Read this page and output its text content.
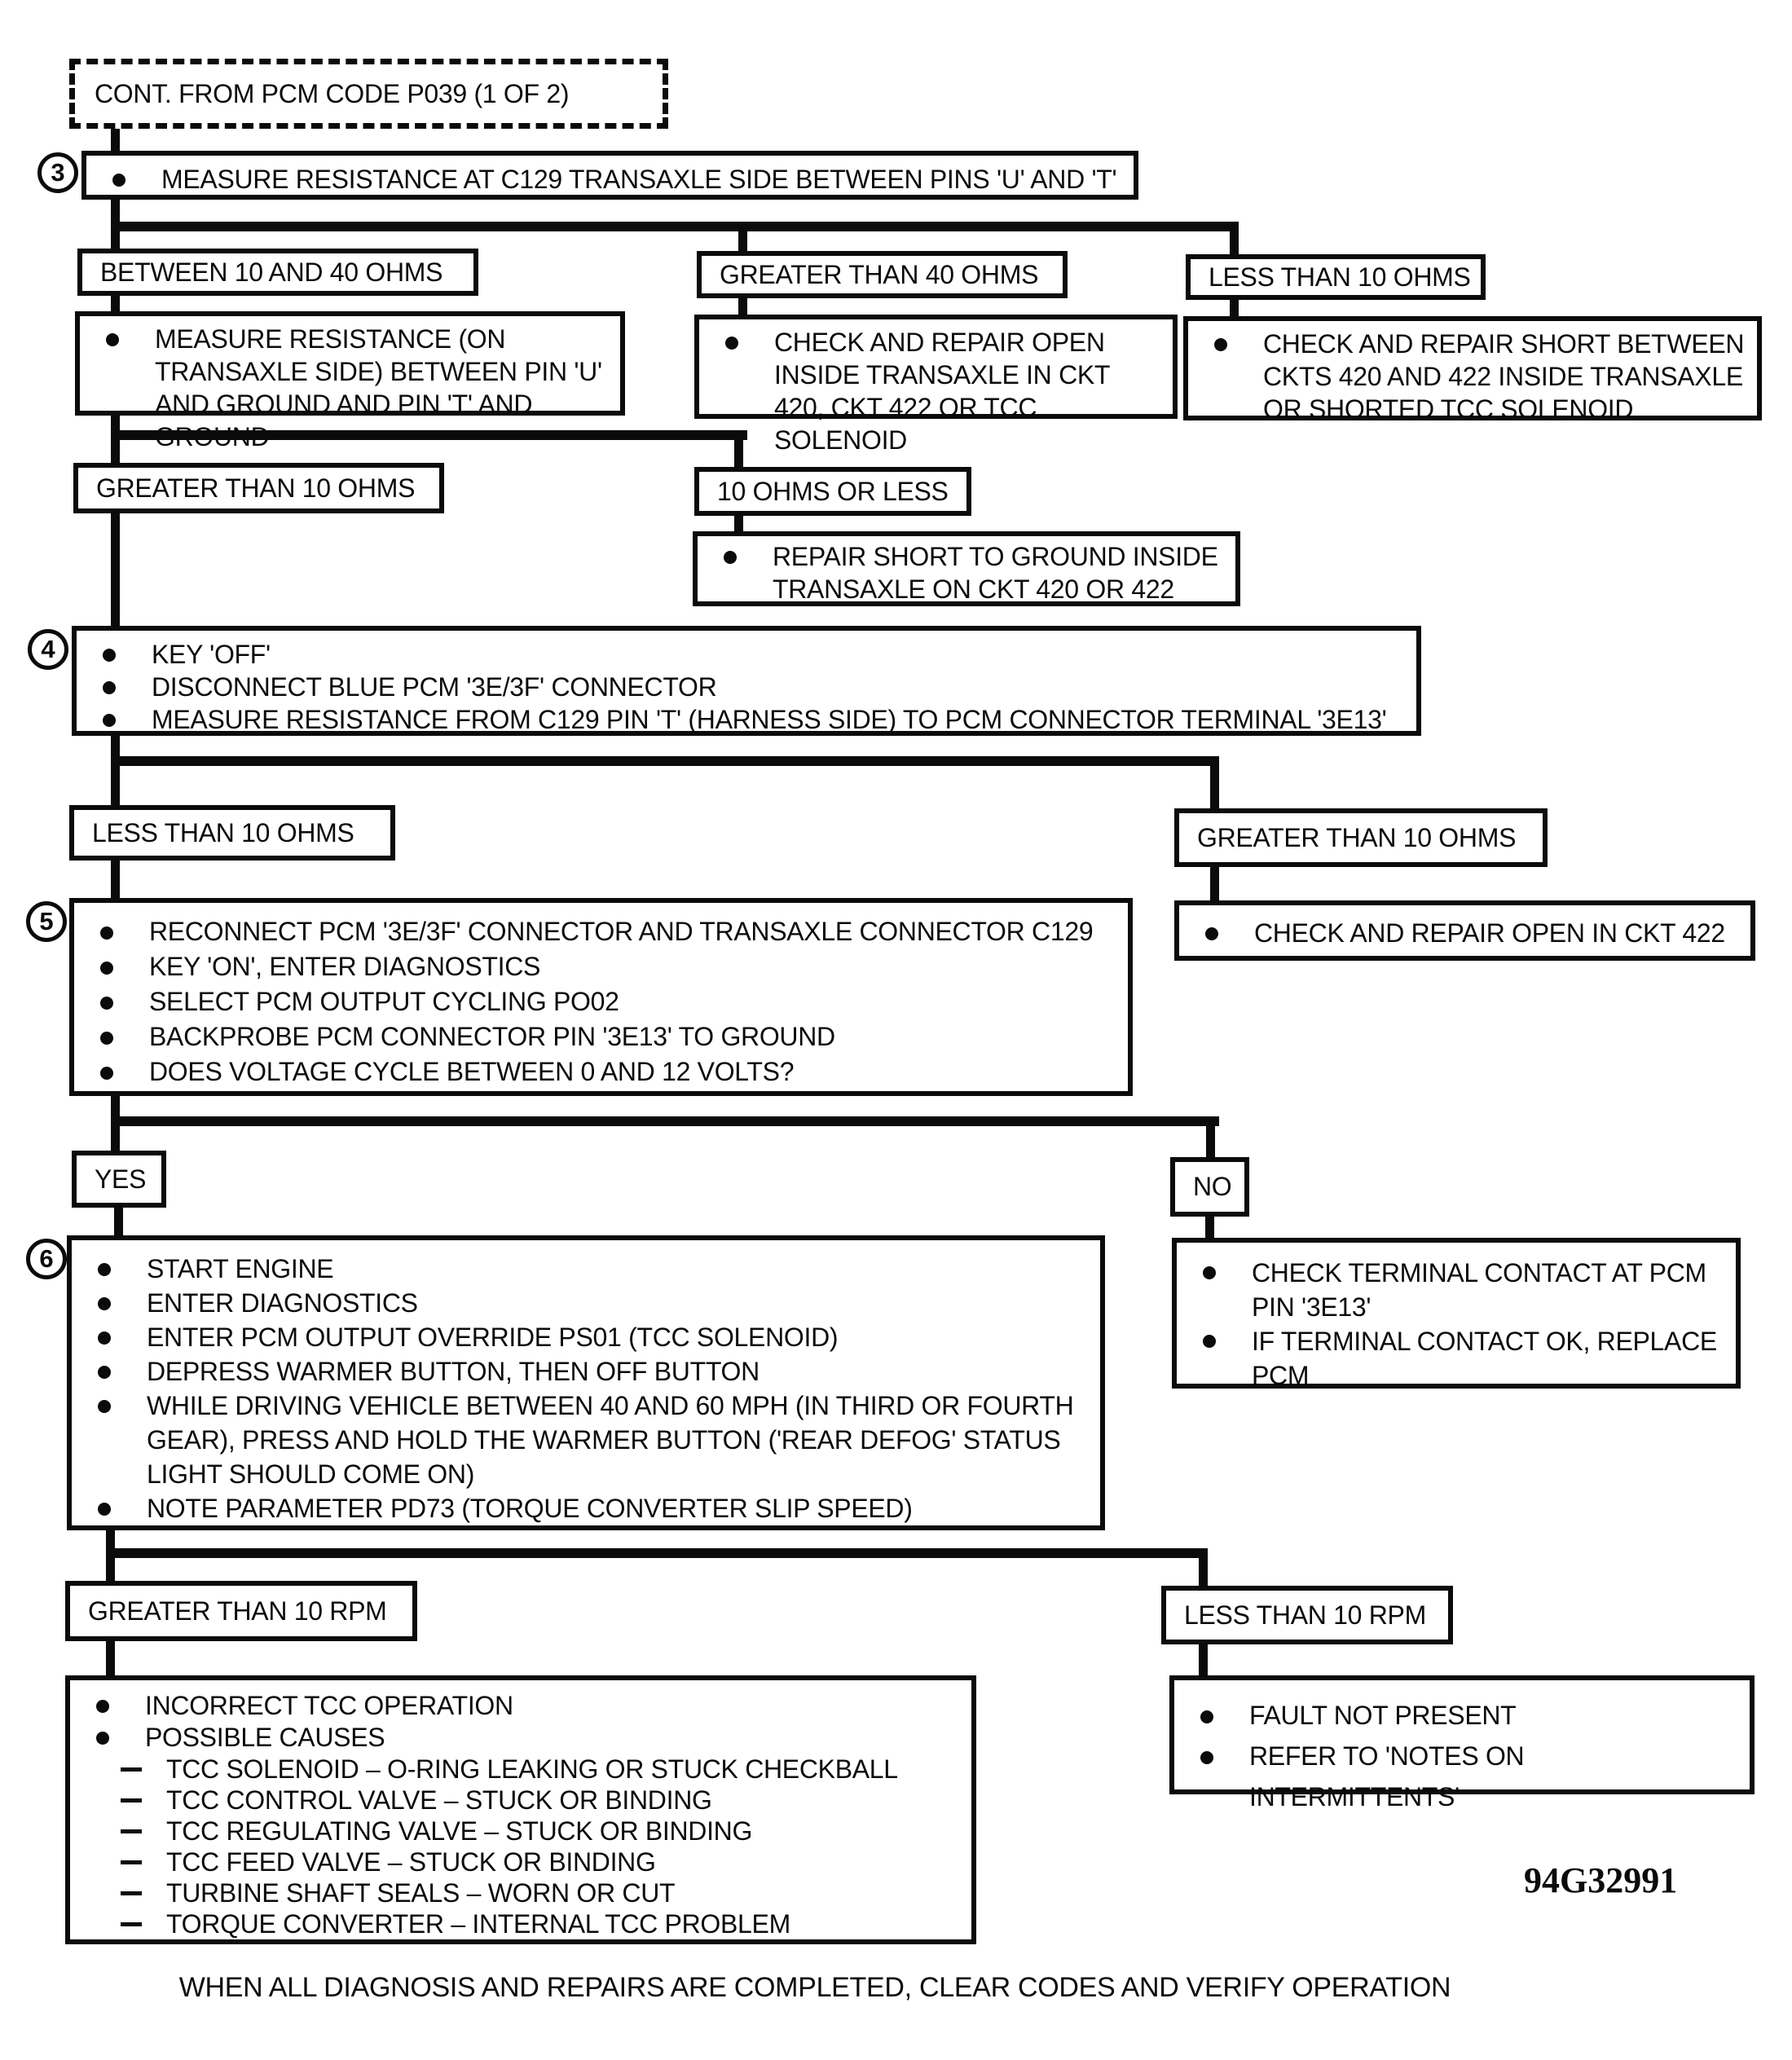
CONT. FROM PCM CODE P039 (1 OF 2)
3	MEASURE RESISTANCE AT C129 TRANSAXLE SIDE BETWEEN PINS 'U' AND 'T'
BETWEEN 10 AND 40 OHMS	GREATER THAN 40 OHMS	LESS THAN 10 OHMS
MEASURE RESISTANCE (ON TRANSAXLE SIDE) BETWEEN PIN 'U' AND GROUND AND PIN 'T' AND GROUND
CHECK AND REPAIR OPEN INSIDE TRANSAXLE IN CKT 420, CKT 422 OR TCC SOLENOID
CHECK AND REPAIR SHORT BETWEEN CKTS 420 AND 422 INSIDE TRANSAXLE OR SHORTED TCC SOLENOID
GREATER THAN 10 OHMS	10 OHMS OR LESS
REPAIR SHORT TO GROUND INSIDE TRANSAXLE ON CKT 420 OR 422
4	KEY 'OFF'
DISCONNECT BLUE PCM '3E/3F' CONNECTOR
MEASURE RESISTANCE FROM C129 PIN 'T' (HARNESS SIDE) TO PCM CONNECTOR TERMINAL '3E13'
LESS THAN 10 OHMS	GREATER THAN 10 OHMS
5	RECONNECT PCM '3E/3F' CONNECTOR AND TRANSAXLE CONNECTOR C129
KEY 'ON', ENTER DIAGNOSTICS
SELECT PCM OUTPUT CYCLING PO02
BACKPROBE PCM CONNECTOR PIN '3E13' TO GROUND
DOES VOLTAGE CYCLE BETWEEN 0 AND 12 VOLTS?
CHECK AND REPAIR OPEN IN CKT 422
YES	NO
6	START ENGINE
ENTER DIAGNOSTICS
ENTER PCM OUTPUT OVERRIDE PS01 (TCC SOLENOID)
DEPRESS WARMER BUTTON, THEN OFF BUTTON
WHILE DRIVING VEHICLE BETWEEN 40 AND 60 MPH (IN THIRD OR FOURTH GEAR), PRESS AND HOLD THE WARMER BUTTON ('REAR DEFOG' STATUS LIGHT SHOULD COME ON)
NOTE PARAMETER PD73 (TORQUE CONVERTER SLIP SPEED)
CHECK TERMINAL CONTACT AT PCM PIN '3E13'
IF TERMINAL CONTACT OK, REPLACE PCM
GREATER THAN 10 RPM	LESS THAN 10 RPM
INCORRECT TCC OPERATION
POSSIBLE CAUSES
TCC SOLENOID – O-RING LEAKING OR STUCK CHECKBALL
TCC CONTROL VALVE – STUCK OR BINDING
TCC REGULATING VALVE – STUCK OR BINDING
TCC FEED VALVE – STUCK OR BINDING
TURBINE SHAFT SEALS – WORN OR CUT
TORQUE CONVERTER – INTERNAL TCC PROBLEM
FAULT NOT PRESENT
REFER TO 'NOTES ON INTERMITTENTS'
94G32991
WHEN ALL DIAGNOSIS AND REPAIRS ARE COMPLETED, CLEAR CODES AND VERIFY OPERATION
